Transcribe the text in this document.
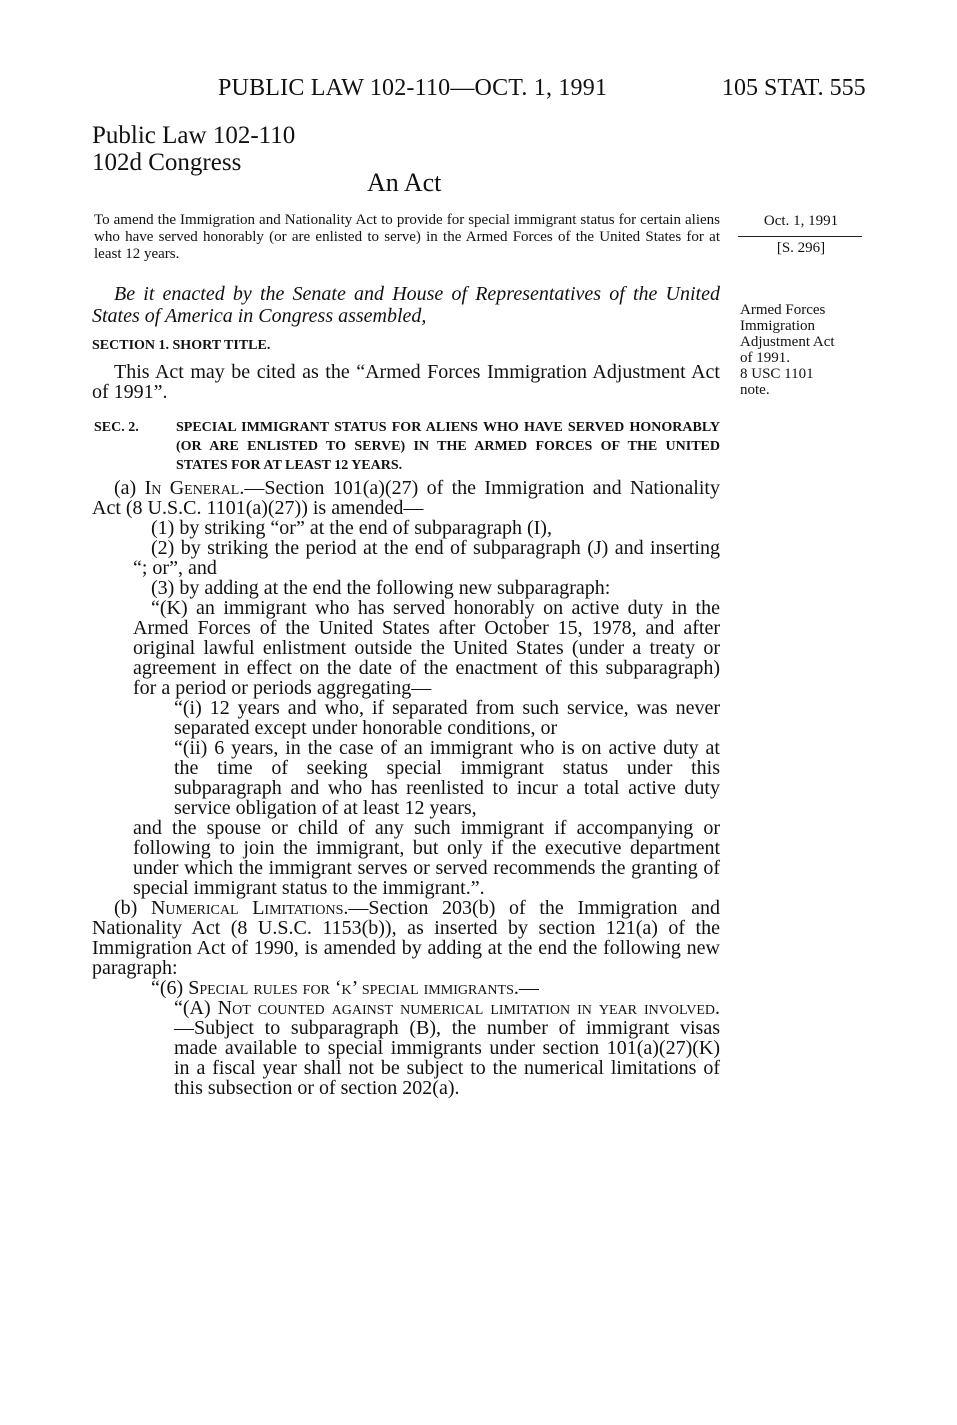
PUBLIC LAW 102-110—OCT. 1, 1991	105 STAT. 555
Public Law 102-110
102d Congress
An Act
To amend the Immigration and Nationality Act to provide for special immigrant status for certain aliens who have served honorably (or are enlisted to serve) in the Armed Forces of the United States for at least 12 years.
Oct. 1, 1991
[S. 296]
Be it enacted by the Senate and House of Representatives of the United States of America in Congress assembled,	Armed Forces
Immigration
Adjustment Act
of 1991.
8 USC 1101
note.
SECTION 1. SHORT TITLE.
This Act may be cited as the “Armed Forces Immigration Adjustment Act of 1991”.
SEC. 2.	SPECIAL IMMIGRANT STATUS FOR ALIENS WHO HAVE SERVED HONORABLY (OR ARE ENLISTED TO SERVE) IN THE ARMED FORCES OF THE UNITED STATES FOR AT LEAST 12 YEARS.

(a) In General.—Section 101(a)(27) of the Immigration and Nationality Act (8 U.S.C. 1101(a)(27)) is amended—

(1) by striking “or” at the end of subparagraph (I),

(2) by striking the period at the end of subparagraph (J) and inserting “; or”, and

(3) by adding at the end the following new subparagraph:

“(K) an immigrant who has served honorably on active duty in the Armed Forces of the United States after October 15, 1978, and after original lawful enlistment outside the United States (under a treaty or agreement in effect on the date of the enactment of this subparagraph) for a period or periods aggregating—

“(i) 12 years and who, if separated from such service, was never separated except under honorable conditions, or

“(ii) 6 years, in the case of an immigrant who is on active duty at the time of seeking special immigrant status under this subparagraph and who has reenlisted to incur a total active duty service obligation of at least 12 years,

and the spouse or child of any such immigrant if accompanying or following to join the immigrant, but only if the executive department under which the immigrant serves or served recommends the granting of special immigrant status to the immigrant.”.

(b) Numerical Limitations.—Section 203(b) of the Immigration and Nationality Act (8 U.S.C. 1153(b)), as inserted by section 121(a) of the Immigration Act of 1990, is amended by adding at the end the following new paragraph:

“(6) Special rules for ‘k’ special immigrants.—

“(A) Not counted against numerical limitation in year involved.—Subject to subparagraph (B), the number of immigrant visas made available to special immigrants under section 101(a)(27)(K) in a fiscal year shall not be subject to the numerical limitations of this subsection or of section 202(a).
